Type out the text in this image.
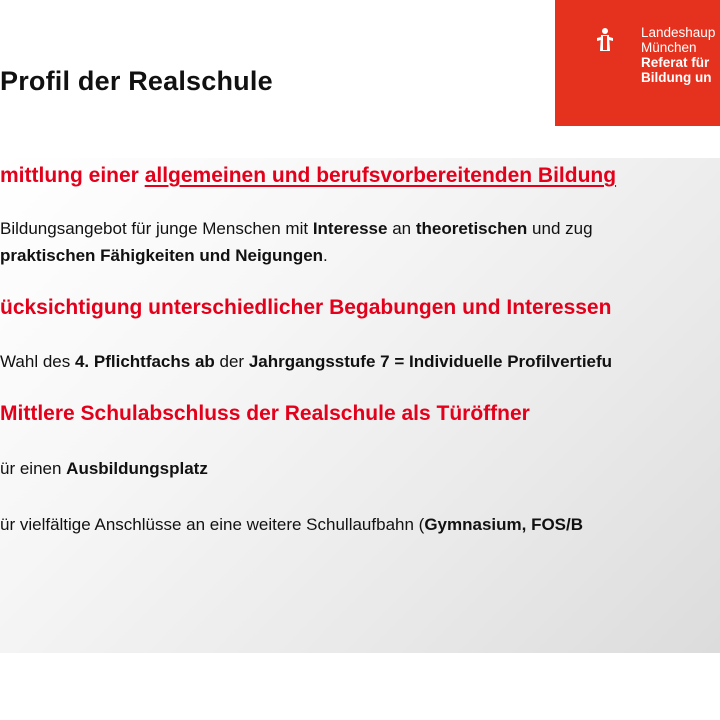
Profil der Realschule
Landeshaup
München
Referat für
Bildung un
mittlung einer allgemeinen und berufsvorbereitenden Bildung
Bildungsangebot für junge Menschen mit Interesse an theoretischen und zug
praktischen Fähigkeiten und Neigungen.
ücksichtigung unterschiedlicher Begabungen und Interessen
Wahl des 4. Pflichtfachs ab der Jahrgangsstufe 7 = Individuelle Profilvertiefu
Mittlere Schulabschluss der Realschule als Türöffner
ür einen Ausbildungsplatz
ür vielfältige Anschlüsse an eine weitere Schullaufbahn (Gymnasium, FOS/B
